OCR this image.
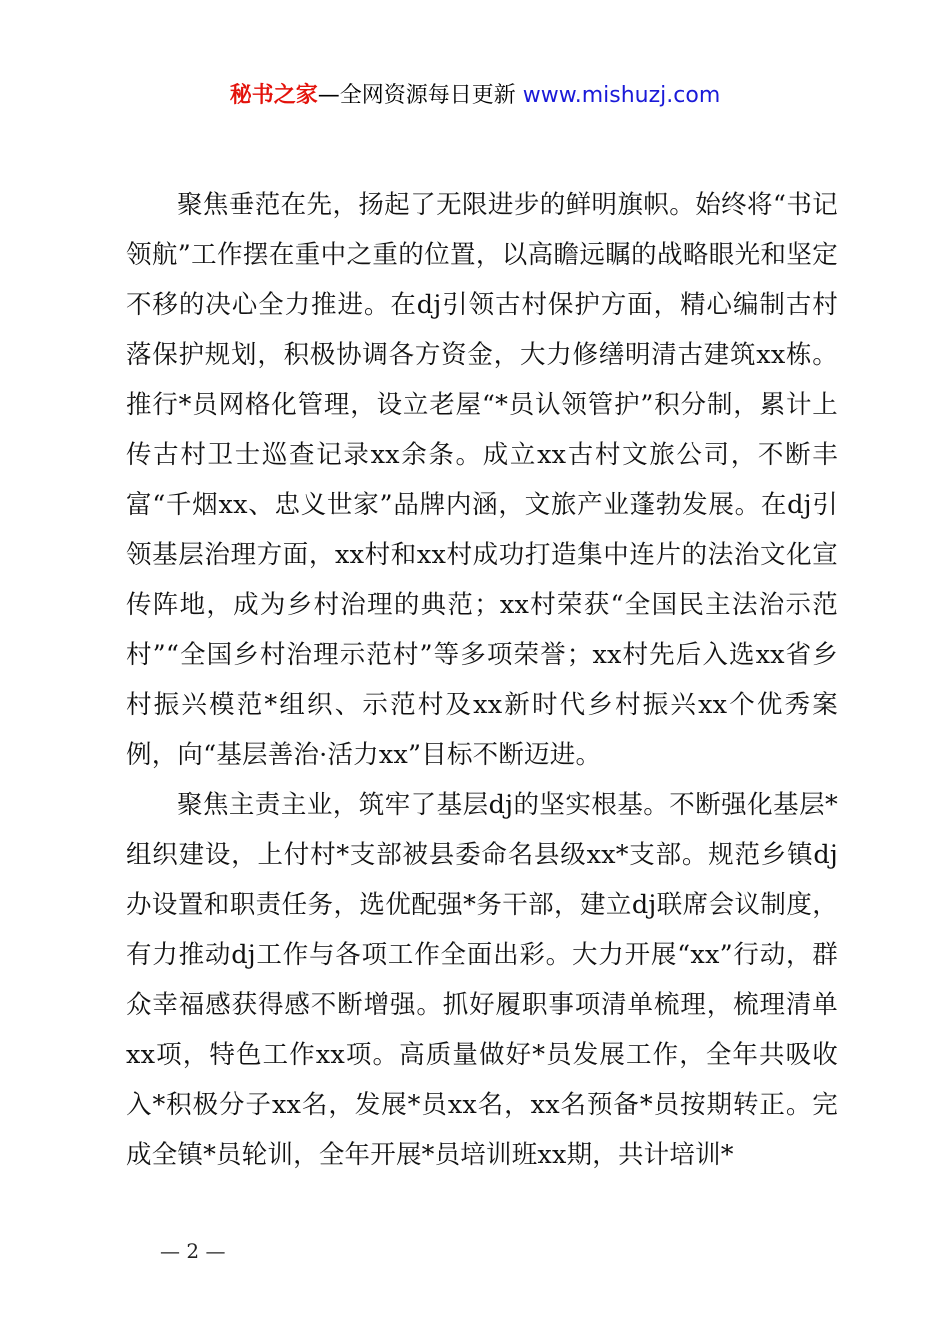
秘书之家—全网资源每日更新 www.mishuzj.com

聚焦垂范在先，扬起了无限进步的鲜明旗帜。始终将“书记领航”工作摆在重中之重的位置，以高瞻远瞩的战略眼光和坚定不移的决心全力推进。在dj引领古村保护方面，精心编制古村落保护规划，积极协调各方资金，大力修缮明清古建筑xx栋。推行*员网格化管理，设立老屋“*员认领管护”积分制，累计上传古村卫士巡查记录xx余条。成立xx古村文旅公司，不断丰富“千烟xx、忠义世家”品牌内涵，文旅产业蓬勃发展。在dj引领基层治理方面，xx村和xx村成功打造集中连片的法治文化宣传阵地，成为乡村治理的典范；xx村荣获“全国民主法治示范村”“全国乡村治理示范村”等多项荣誉；xx村先后入选xx省乡村振兴模范*组织、示范村及xx新时代乡村振兴xx个优秀案例，向“基层善治·活力xx”目标不断迈进。

聚焦主责主业，筑牢了基层dj的坚实根基。不断强化基层*组织建设，上付村*支部被县委命名县级xx*支部。规范乡镇dj办设置和职责任务，选优配强*务干部，建立dj联席会议制度，有力推动dj工作与各项工作全面出彩。大力开展“xx”行动，群众幸福感获得感不断增强。抓好履职事项清单梳理，梳理清单xx项，特色工作xx项。高质量做好*员发展工作，全年共吸收入*积极分子xx名，发展*员xx名，xx名预备*员按期转正。完成全镇*员轮训，全年开展*员培训班xx期，共计培训*

— 2 —
